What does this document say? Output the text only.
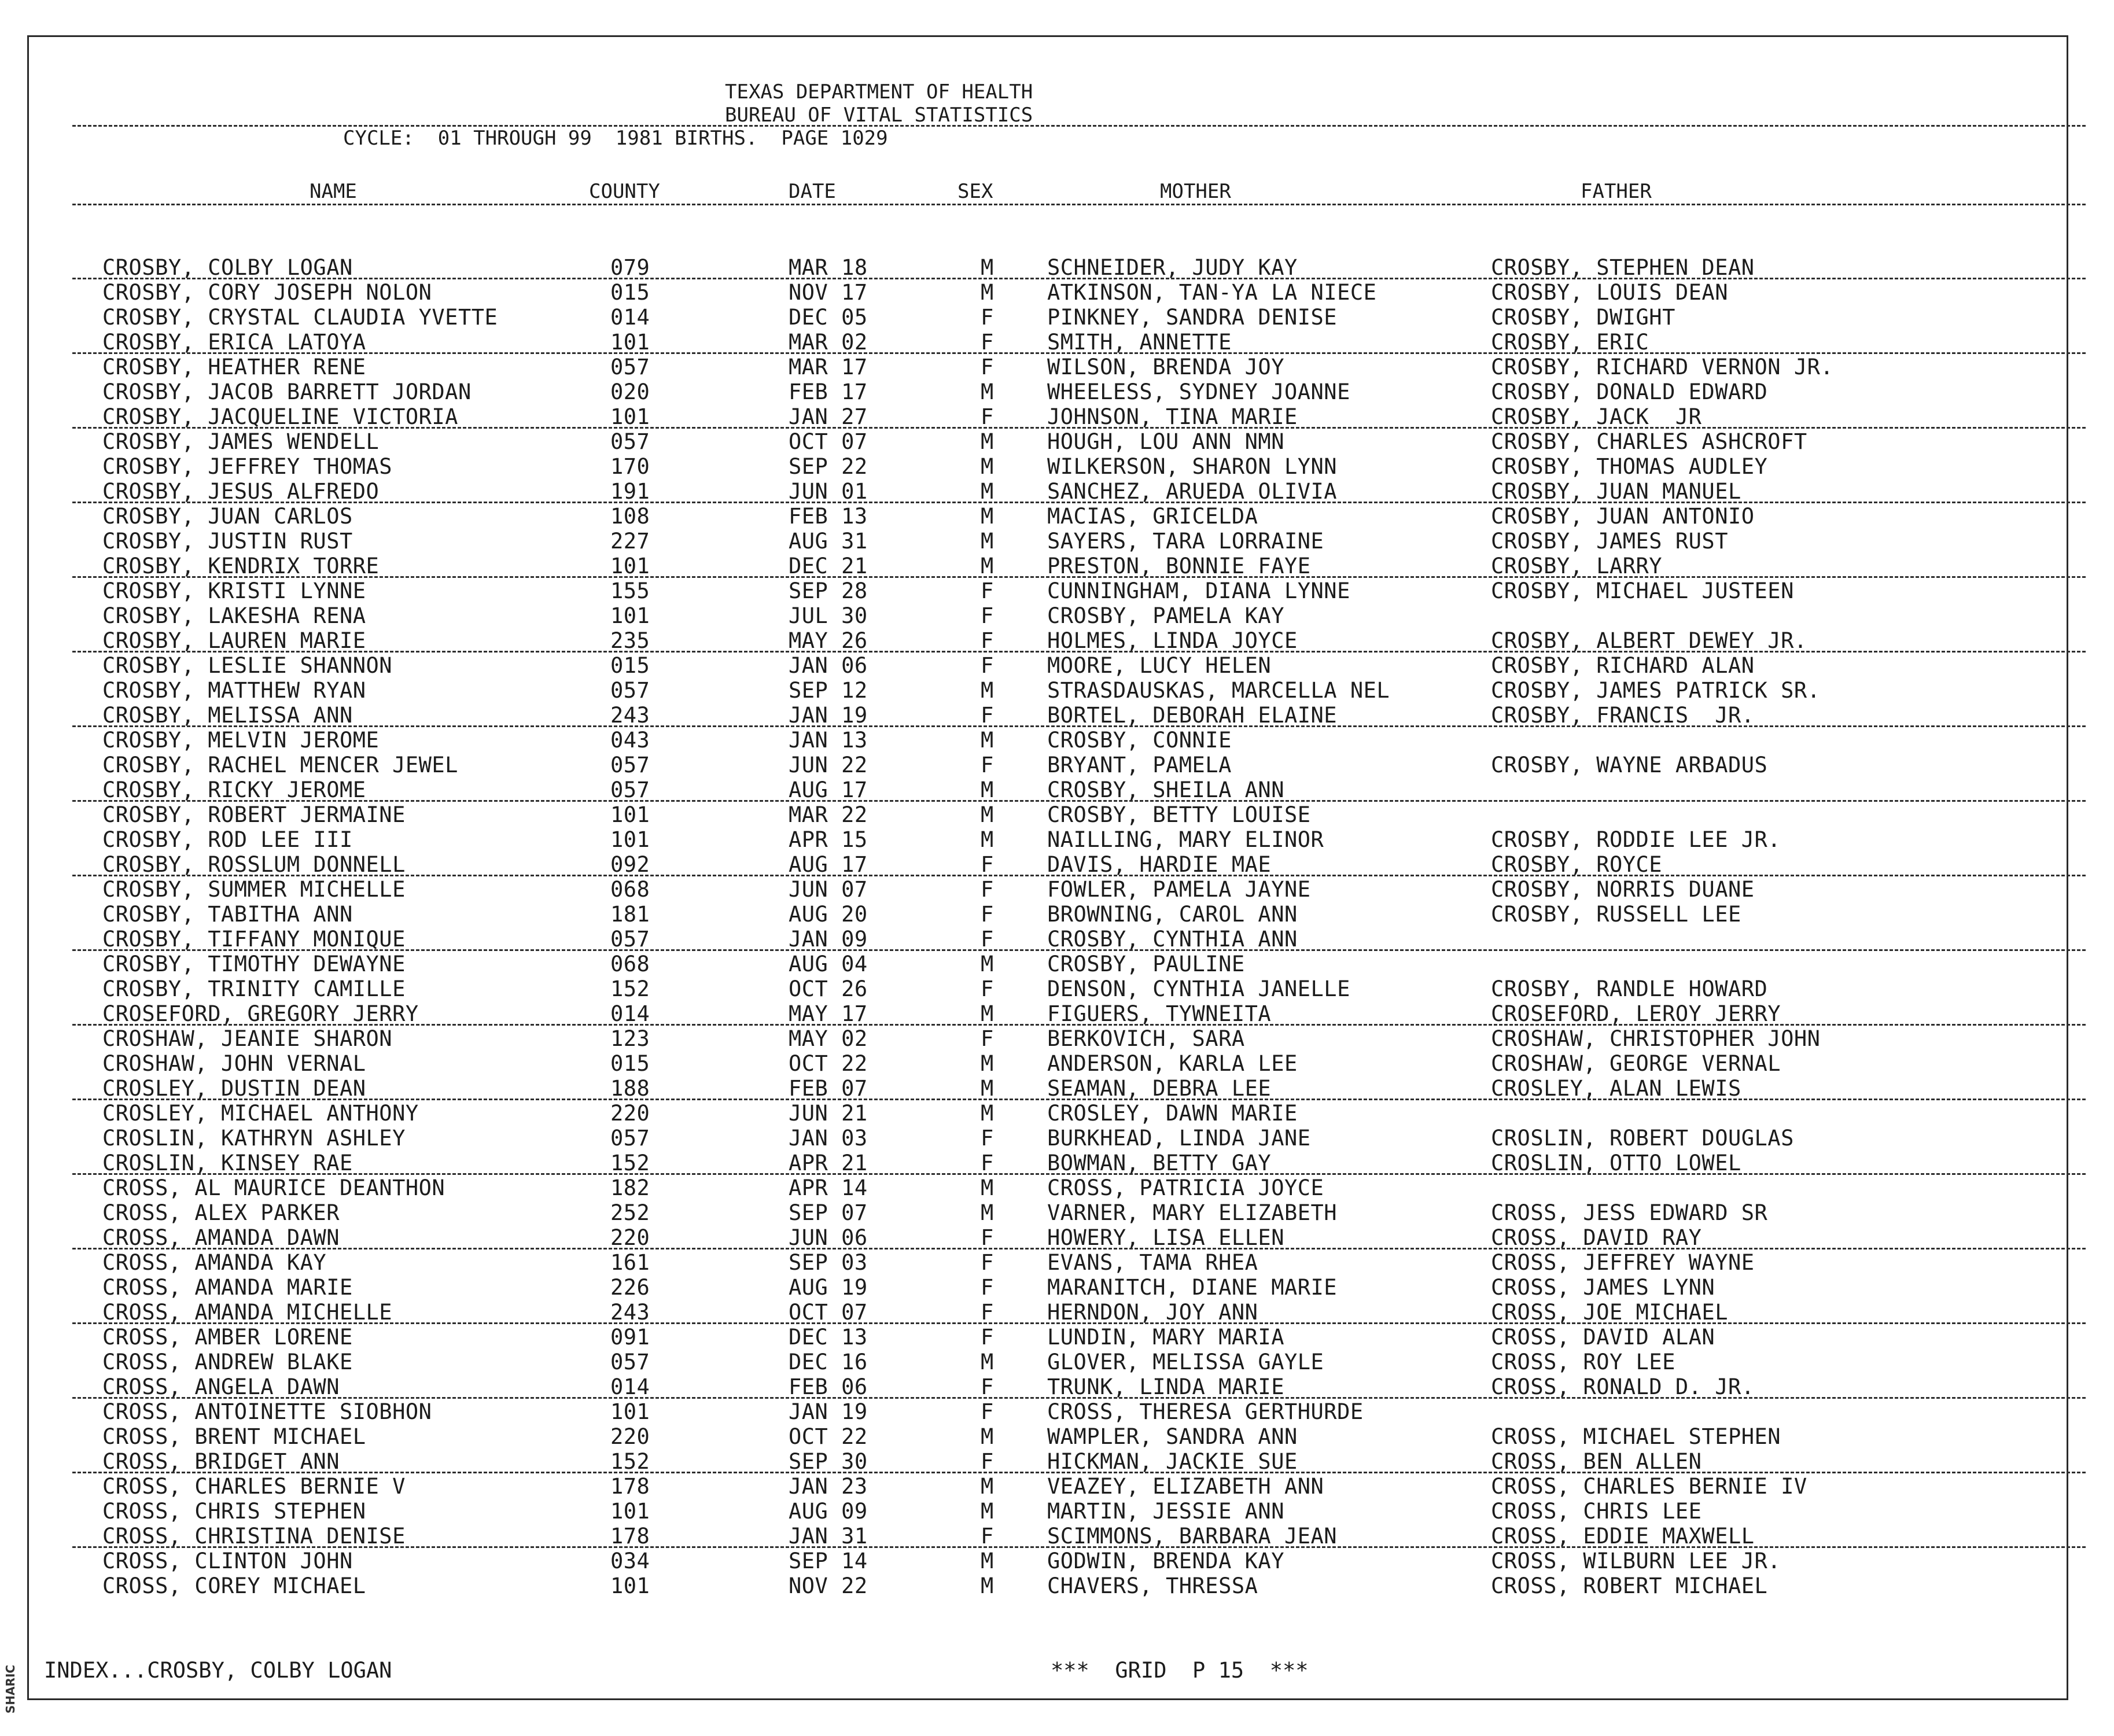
SHARIC
TEXAS DEPARTMENT OF HEALTH
BUREAU OF VITAL STATISTICS
CYCLE:  01 THROUGH 99  1981 BIRTHS.  PAGE 1029
NAME	COUNTY	DATE	SEX	MOTHER	FATHER
CROSBY, COLBY LOGAN	079	MAR 18	M SCHNEIDER, JUDY KAY	CROSBY, STEPHEN DEAN
CROSBY, CORY JOSEPH NOLON	015	NOV 17	M ATKINSON, TAN-YA LA NIECE	CROSBY, LOUIS DEAN
CROSBY, CRYSTAL CLAUDIA YVETTE	014	DEC 05	F PINKNEY, SANDRA DENISE	CROSBY, DWIGHT
CROSBY, ERICA LATOYA	101	MAR 02	F SMITH, ANNETTE	CROSBY, ERIC
CROSBY, HEATHER RENE	057	MAR 17	F WILSON, BRENDA JOY	CROSBY, RICHARD VERNON JR.
CROSBY, JACOB BARRETT JORDAN	020	FEB 17	M WHEELESS, SYDNEY JOANNE	CROSBY, DONALD EDWARD
CROSBY, JACQUELINE VICTORIA	101	JAN 27	F JOHNSON, TINA MARIE	CROSBY, JACK  JR
CROSBY, JAMES WENDELL	057	OCT 07	M HOUGH, LOU ANN NMN	CROSBY, CHARLES ASHCROFT
CROSBY, JEFFREY THOMAS	170	SEP 22	M WILKERSON, SHARON LYNN	CROSBY, THOMAS AUDLEY
CROSBY, JESUS ALFREDO	191	JUN 01	M SANCHEZ, ARUEDA OLIVIA	CROSBY, JUAN MANUEL
CROSBY, JUAN CARLOS	108	FEB 13	M MACIAS, GRICELDA	CROSBY, JUAN ANTONIO
CROSBY, JUSTIN RUST	227	AUG 31	M SAYERS, TARA LORRAINE	CROSBY, JAMES RUST
CROSBY, KENDRIX TORRE	101	DEC 21	M PRESTON, BONNIE FAYE	CROSBY, LARRY
CROSBY, KRISTI LYNNE	155	SEP 28	F CUNNINGHAM, DIANA LYNNE	CROSBY, MICHAEL JUSTEEN
CROSBY, LAKESHA RENA	101	JUL 30	F CROSBY, PAMELA KAY
CROSBY, LAUREN MARIE	235	MAY 26	F HOLMES, LINDA JOYCE	CROSBY, ALBERT DEWEY JR.
CROSBY, LESLIE SHANNON	015	JAN 06	F MOORE, LUCY HELEN	CROSBY, RICHARD ALAN
CROSBY, MATTHEW RYAN	057	SEP 12	M STRASDAUSKAS, MARCELLA NEL	CROSBY, JAMES PATRICK SR.
CROSBY, MELISSA ANN	243	JAN 19	F BORTEL, DEBORAH ELAINE	CROSBY, FRANCIS  JR.
CROSBY, MELVIN JEROME	043	JAN 13	M CROSBY, CONNIE
CROSBY, RACHEL MENCER JEWEL	057	JUN 22	F BRYANT, PAMELA	CROSBY, WAYNE ARBADUS
CROSBY, RICKY JEROME	057	AUG 17	M CROSBY, SHEILA ANN
CROSBY, ROBERT JERMAINE	101	MAR 22	M CROSBY, BETTY LOUISE
CROSBY, ROD LEE III	101	APR 15	M NAILLING, MARY ELINOR	CROSBY, RODDIE LEE JR.
CROSBY, ROSSLUM DONNELL	092	AUG 17	F DAVIS, HARDIE MAE	CROSBY, ROYCE
CROSBY, SUMMER MICHELLE	068	JUN 07	F FOWLER, PAMELA JAYNE	CROSBY, NORRIS DUANE
CROSBY, TABITHA ANN	181	AUG 20	F BROWNING, CAROL ANN	CROSBY, RUSSELL LEE
CROSBY, TIFFANY MONIQUE	057	JAN 09	F CROSBY, CYNTHIA ANN
CROSBY, TIMOTHY DEWAYNE	068	AUG 04	M CROSBY, PAULINE
CROSBY, TRINITY CAMILLE	152	OCT 26	F DENSON, CYNTHIA JANELLE	CROSBY, RANDLE HOWARD
CROSEFORD, GREGORY JERRY	014	MAY 17	M FIGUERS, TYWNEITA	CROSEFORD, LEROY JERRY
CROSHAW, JEANIE SHARON	123	MAY 02	F BERKOVICH, SARA	CROSHAW, CHRISTOPHER JOHN
CROSHAW, JOHN VERNAL	015	OCT 22	M ANDERSON, KARLA LEE	CROSHAW, GEORGE VERNAL
CROSLEY, DUSTIN DEAN	188	FEB 07	M SEAMAN, DEBRA LEE	CROSLEY, ALAN LEWIS
CROSLEY, MICHAEL ANTHONY	220	JUN 21	M CROSLEY, DAWN MARIE
CROSLIN, KATHRYN ASHLEY	057	JAN 03	F BURKHEAD, LINDA JANE	CROSLIN, ROBERT DOUGLAS
CROSLIN, KINSEY RAE	152	APR 21	F BOWMAN, BETTY GAY	CROSLIN, OTTO LOWEL
CROSS, AL MAURICE DEANTHON	182	APR 14	M CROSS, PATRICIA JOYCE
CROSS, ALEX PARKER	252	SEP 07	M VARNER, MARY ELIZABETH	CROSS, JESS EDWARD SR
CROSS, AMANDA DAWN	220	JUN 06	F HOWERY, LISA ELLEN	CROSS, DAVID RAY
CROSS, AMANDA KAY	161	SEP 03	F EVANS, TAMA RHEA	CROSS, JEFFREY WAYNE
CROSS, AMANDA MARIE	226	AUG 19	F MARANITCH, DIANE MARIE	CROSS, JAMES LYNN
CROSS, AMANDA MICHELLE	243	OCT 07	F HERNDON, JOY ANN	CROSS, JOE MICHAEL
CROSS, AMBER LORENE	091	DEC 13	F LUNDIN, MARY MARIA	CROSS, DAVID ALAN
CROSS, ANDREW BLAKE	057	DEC 16	M GLOVER, MELISSA GAYLE	CROSS, ROY LEE
CROSS, ANGELA DAWN	014	FEB 06	F TRUNK, LINDA MARIE	CROSS, RONALD D. JR.
CROSS, ANTOINETTE SIOBHON	101	JAN 19	F CROSS, THERESA GERTHURDE
CROSS, BRENT MICHAEL	220	OCT 22	M WAMPLER, SANDRA ANN	CROSS, MICHAEL STEPHEN
CROSS, BRIDGET ANN	152	SEP 30	F HICKMAN, JACKIE SUE	CROSS, BEN ALLEN
CROSS, CHARLES BERNIE V	178	JAN 23	M VEAZEY, ELIZABETH ANN	CROSS, CHARLES BERNIE IV
CROSS, CHRIS STEPHEN	101	AUG 09	M MARTIN, JESSIE ANN	CROSS, CHRIS LEE
CROSS, CHRISTINA DENISE	178	JAN 31	F SCIMMONS, BARBARA JEAN	CROSS, EDDIE MAXWELL
CROSS, CLINTON JOHN	034	SEP 14	M GODWIN, BRENDA KAY	CROSS, WILBURN LEE JR.
CROSS, COREY MICHAEL	101	NOV 22	M CHAVERS, THRESSA	CROSS, ROBERT MICHAEL
INDEX...CROSBY, COLBY LOGAN	***  GRID  P 15  ***
